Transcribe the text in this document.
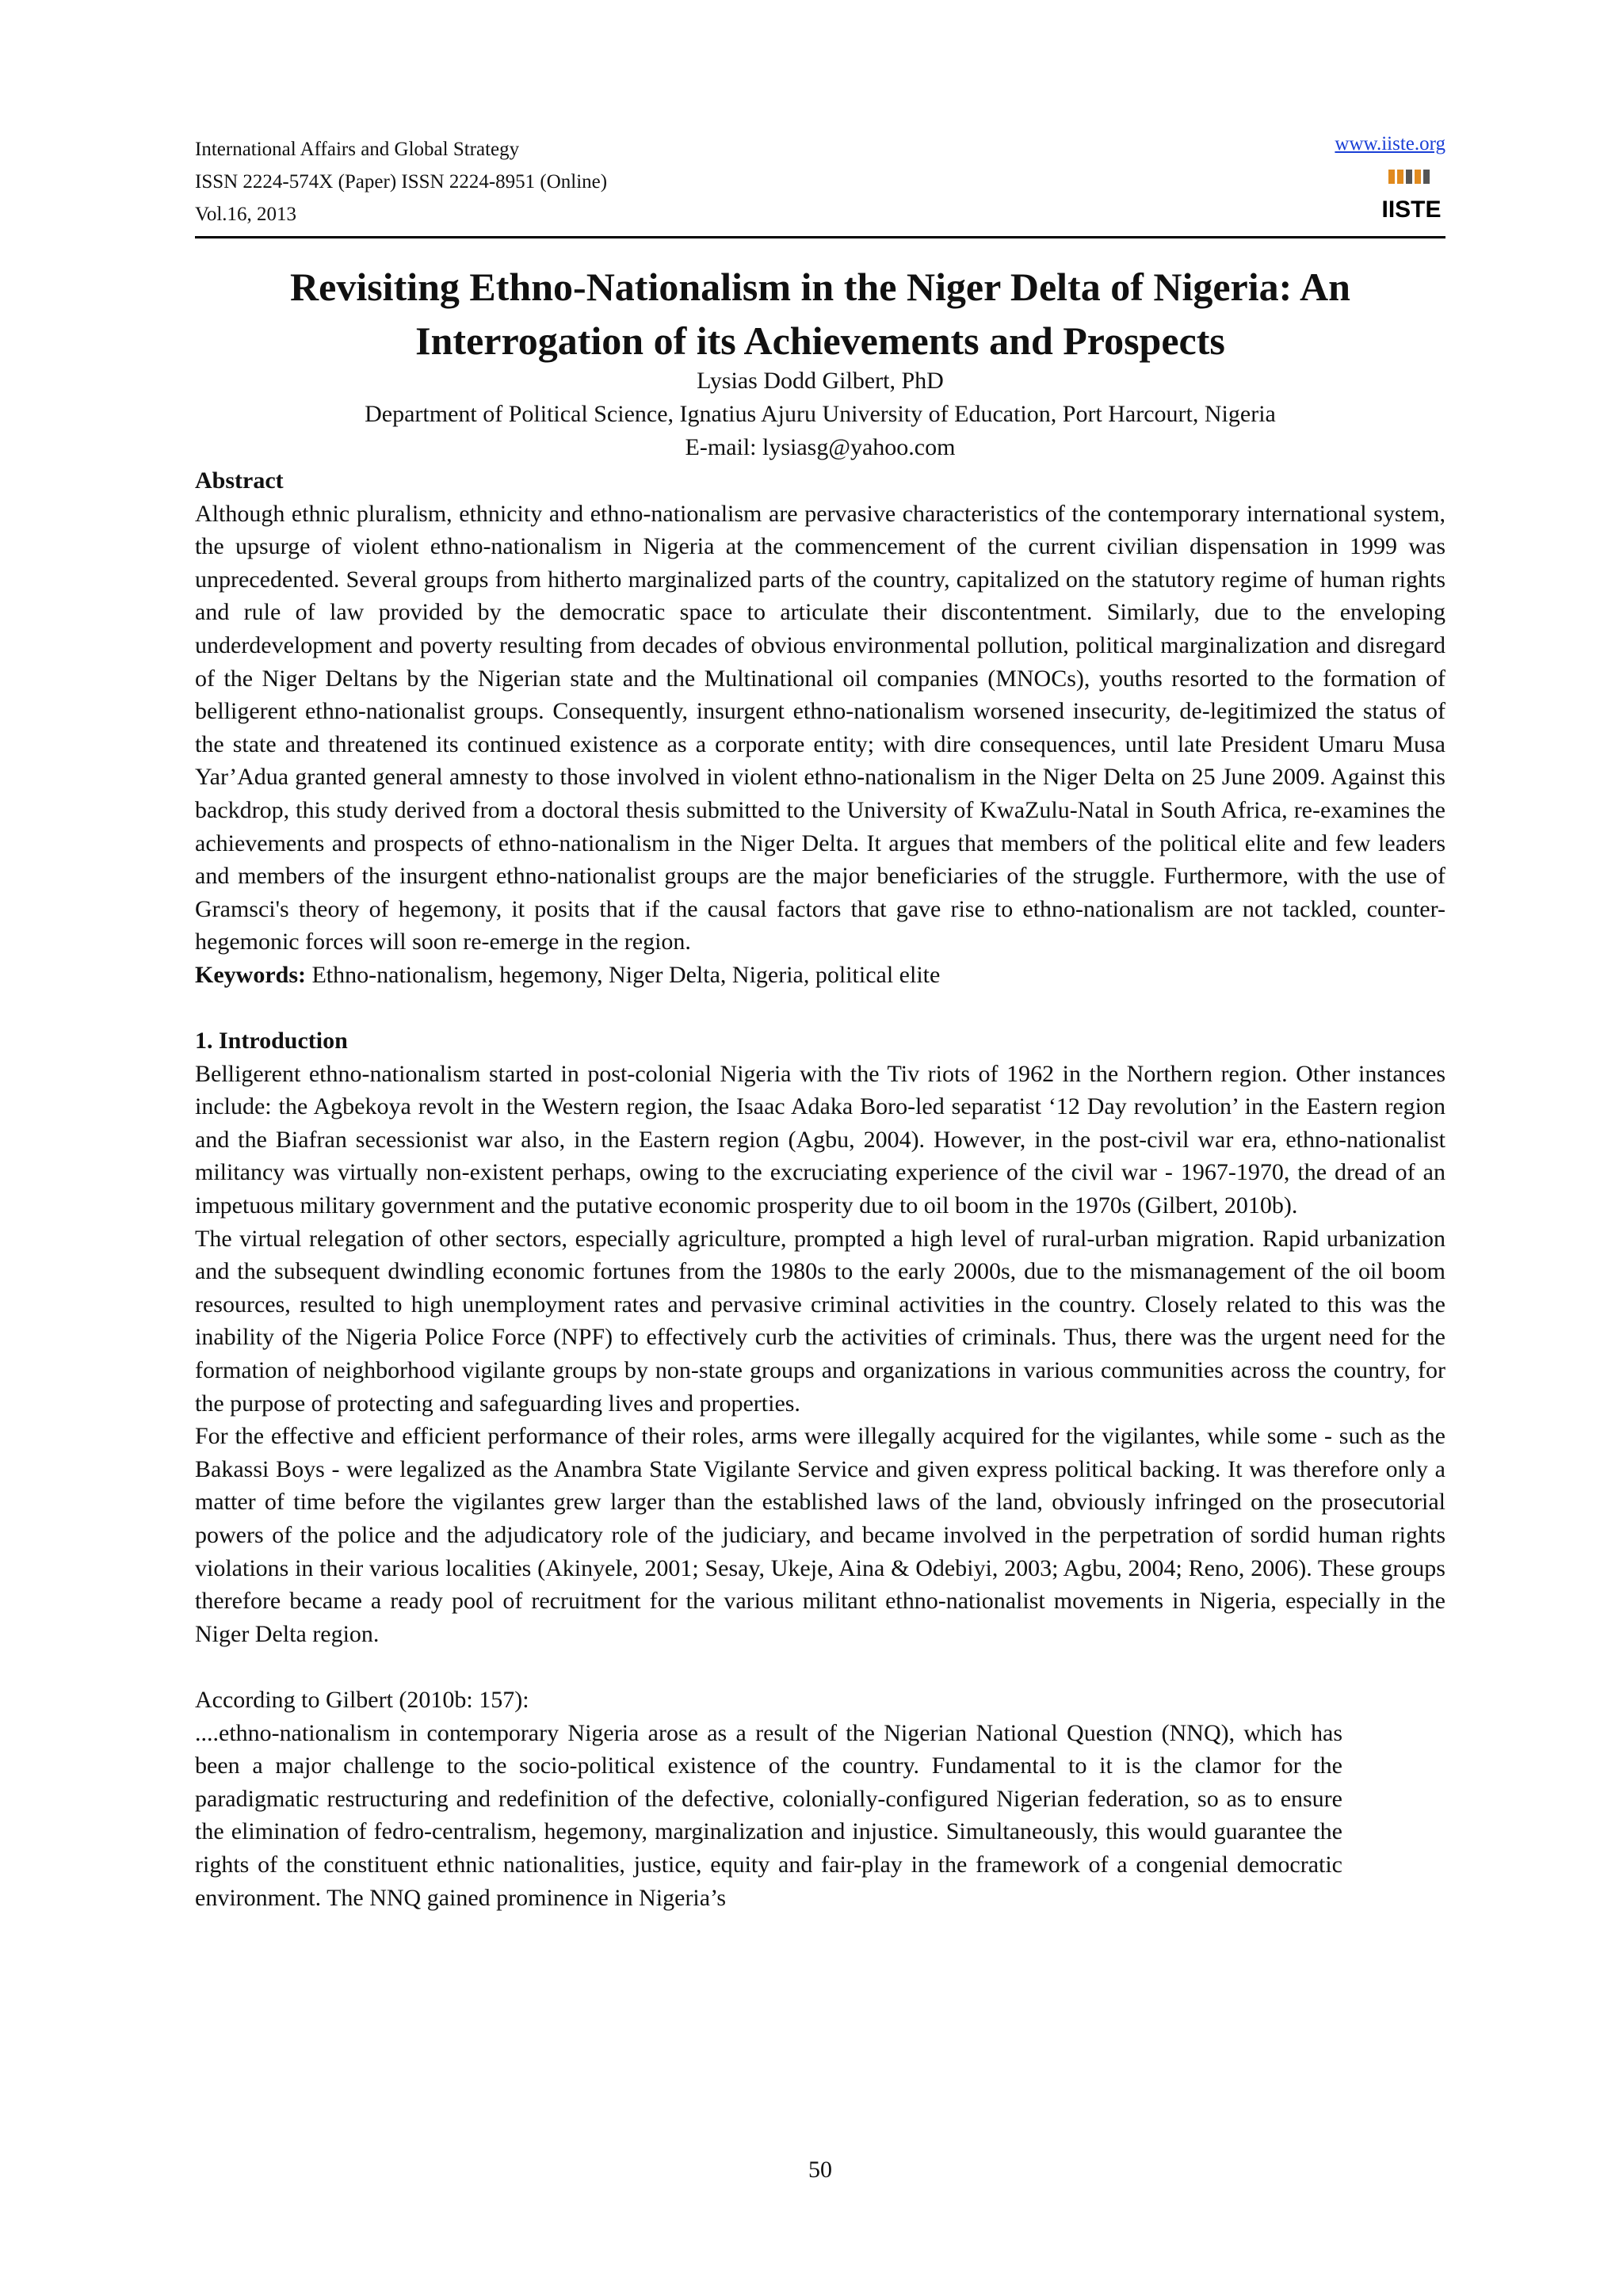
International Affairs and Global Strategy
ISSN 2224-574X (Paper) ISSN 2224-8951 (Online)
Vol.16, 2013
www.iiste.org
IISTE
Revisiting Ethno-Nationalism in the Niger Delta of Nigeria: An Interrogation of its Achievements and Prospects
Lysias Dodd Gilbert, PhD
Department of Political Science, Ignatius Ajuru University of Education, Port Harcourt, Nigeria
E-mail: lysiasg@yahoo.com

Abstract

Although ethnic pluralism, ethnicity and ethno-nationalism are pervasive characteristics of the contemporary international system, the upsurge of violent ethno-nationalism in Nigeria at the commencement of the current civilian dispensation in 1999 was unprecedented. Several groups from hitherto marginalized parts of the country, capitalized on the statutory regime of human rights and rule of law provided by the democratic space to articulate their discontentment. Similarly, due to the enveloping underdevelopment and poverty resulting from decades of obvious environmental pollution, political marginalization and disregard of the Niger Deltans by the Nigerian state and the Multinational oil companies (MNOCs), youths resorted to the formation of belligerent ethno-nationalist groups. Consequently, insurgent ethno-nationalism worsened insecurity, de-legitimized the status of the state and threatened its continued existence as a corporate entity; with dire consequences, until late President Umaru Musa Yar’Adua granted general amnesty to those involved in violent ethno-nationalism in the Niger Delta on 25 June 2009. Against this backdrop, this study derived from a doctoral thesis submitted to the University of KwaZulu-Natal in South Africa, re-examines the achievements and prospects of ethno-nationalism in the Niger Delta. It argues that members of the political elite and few leaders and members of the insurgent ethno-nationalist groups are the major beneficiaries of the struggle. Furthermore, with the use of Gramsci's theory of hegemony, it posits that if the causal factors that gave rise to ethno-nationalism are not tackled, counter-hegemonic forces will soon re-emerge in the region.

Keywords: Ethno-nationalism, hegemony, Niger Delta, Nigeria, political elite

1. Introduction

Belligerent ethno-nationalism started in post-colonial Nigeria with the Tiv riots of 1962 in the Northern region. Other instances include: the Agbekoya revolt in the Western region, the Isaac Adaka Boro-led separatist ‘12 Day revolution’ in the Eastern region and the Biafran secessionist war also, in the Eastern region (Agbu, 2004). However, in the post-civil war era, ethno-nationalist militancy was virtually non-existent perhaps, owing to the excruciating experience of the civil war - 1967-1970, the dread of an impetuous military government and the putative economic prosperity due to oil boom in the 1970s (Gilbert, 2010b).

The virtual relegation of other sectors, especially agriculture, prompted a high level of rural-urban migration. Rapid urbanization and the subsequent dwindling economic fortunes from the 1980s to the early 2000s, due to the mismanagement of the oil boom resources, resulted to high unemployment rates and pervasive criminal activities in the country. Closely related to this was the inability of the Nigeria Police Force (NPF) to effectively curb the activities of criminals. Thus, there was the urgent need for the formation of neighborhood vigilante groups by non-state groups and organizations in various communities across the country, for the purpose of protecting and safeguarding lives and properties.

For the effective and efficient performance of their roles, arms were illegally acquired for the vigilantes, while some - such as the Bakassi Boys - were legalized as the Anambra State Vigilante Service and given express political backing. It was therefore only a matter of time before the vigilantes grew larger than the established laws of the land, obviously infringed on the prosecutorial powers of the police and the adjudicatory role of the judiciary, and became involved in the perpetration of sordid human rights violations in their various localities (Akinyele, 2001; Sesay, Ukeje, Aina & Odebiyi, 2003; Agbu, 2004; Reno, 2006). These groups therefore became a ready pool of recruitment for the various militant ethno-nationalist movements in Nigeria, especially in the Niger Delta region.

According to Gilbert (2010b: 157):

....ethno-nationalism in contemporary Nigeria arose as a result of the Nigerian National Question (NNQ), which has been a major challenge to the socio-political existence of the country. Fundamental to it is the clamor for the paradigmatic restructuring and redefinition of the defective, colonially-configured Nigerian federation, so as to ensure the elimination of fedro-centralism, hegemony, marginalization and injustice. Simultaneously, this would guarantee the rights of the constituent ethnic nationalities, justice, equity and fair-play in the framework of a congenial democratic environment. The NNQ gained prominence in Nigeria’s

50
